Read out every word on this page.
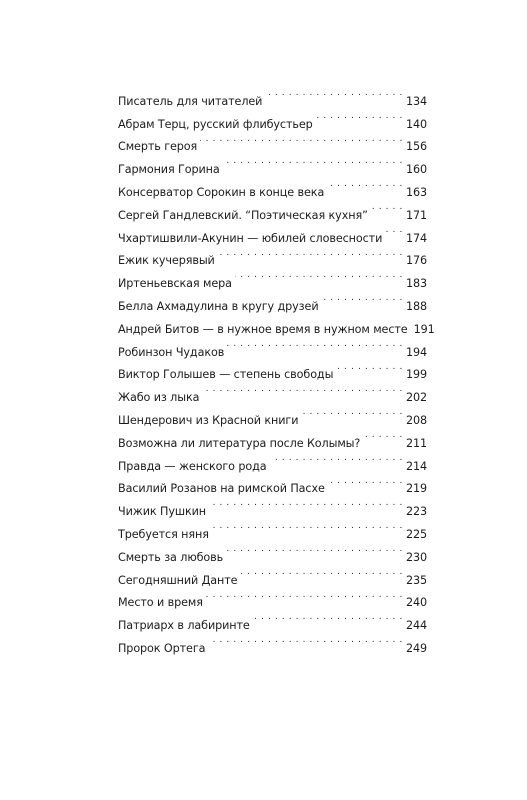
Писатель для читателей . . .	134
Абрам Терц, русский флибустьер . . .	140
Смерть героя . . .	156
Гармония Горина . . .	160
Консерватор Сорокин в конце века . . .	163
Сергей Гандлевский. “Поэтическая кухня” . . .	171
Чхартишвили-Акунин — юбилей словесности . . . 174
Ежик кучерявый . . .	176
Иртеньевская мера . . .	183
Белла Ахмадулина в кругу друзей . . .	188
Андрей Битов — в нужное время в нужном месте 191
Робинзон Чудаков . . .	194
Виктор Голышев — степень свободы . . .	199
Жабо из лыка . . .	202
Шендерович из Красной книги . . .	208
Возможна ли литература после Колымы? . . .	211
Правда — женского рода . . .	214
Василий Розанов на римской Пасхе . . .	219
Чижик Пушкин . . .	223
Требуется няня . . .	225
Смерть за любовь . . .	230
Сегодняшний Данте . . .	235
Место и время . . .	240
Патриарх в лабиринте . . .	244
Пророк Ортега . . .	249
